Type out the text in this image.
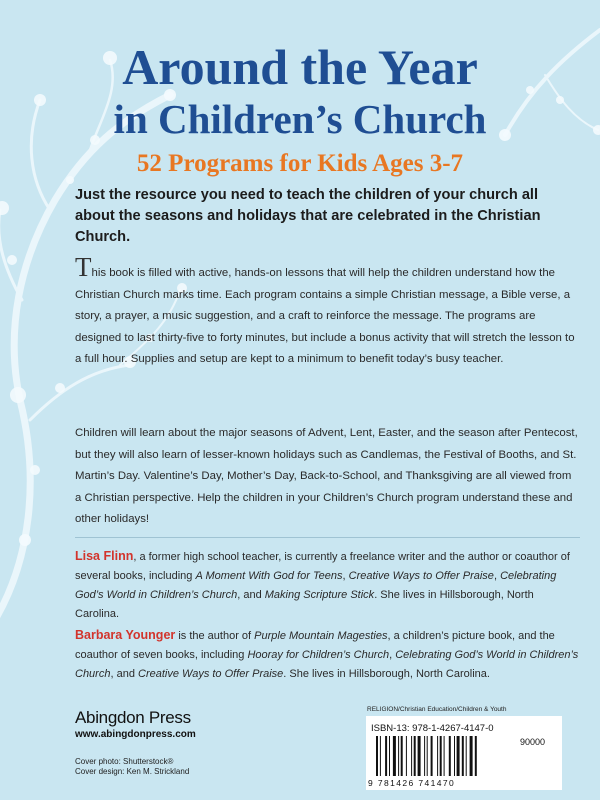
Around the Year
in Children’s Church
52 Programs for Kids Ages 3-7

Just the resource you need to teach the children of your church all about the seasons and holidays that are celebrated in the Christian Church.

This book is filled with active, hands-on lessons that will help the children understand how the Christian Church marks time. Each program contains a simple Christian message, a Bible verse, a story, a prayer, a music suggestion, and a craft to reinforce the message. The programs are designed to last thirty-five to forty minutes, but include a bonus activity that will stretch the lesson to a full hour. Supplies and setup are kept to a minimum to benefit today’s busy teacher.

Children will learn about the major seasons of Advent, Lent, Easter, and the season after Pentecost, but they will also learn of lesser-known holidays such as Candlemas, the Festival of Booths, and St. Martin’s Day. Valentine’s Day, Mother’s Day, Back-to-School, and Thanksgiving are all viewed from a Christian perspective. Help the children in your Children’s Church program understand these and other holidays!

Lisa Flinn, a former high school teacher, is currently a freelance writer and the author or coauthor of several books, including A Moment With God for Teens, Creative Ways to Offer Praise, Celebrating God’s World in Children’s Church, and Making Scripture Stick. She lives in Hillsborough, North Carolina.

Barbara Younger is the author of Purple Mountain Magesties, a children’s picture book, and the coauthor of seven books, including Hooray for Children’s Church, Celebrating God’s World in Children’s Church, and Creative Ways to Offer Praise. She lives in Hillsborough, North Carolina.

Abingdon Press
www.abingdonpress.com
Cover photo: Shutterstock®
Cover design: Ken M. Strickland
RELIGION/Christian Education/Children & Youth
ISBN-13: 978-1-4267-4147-0
90000
9 781426 741470
